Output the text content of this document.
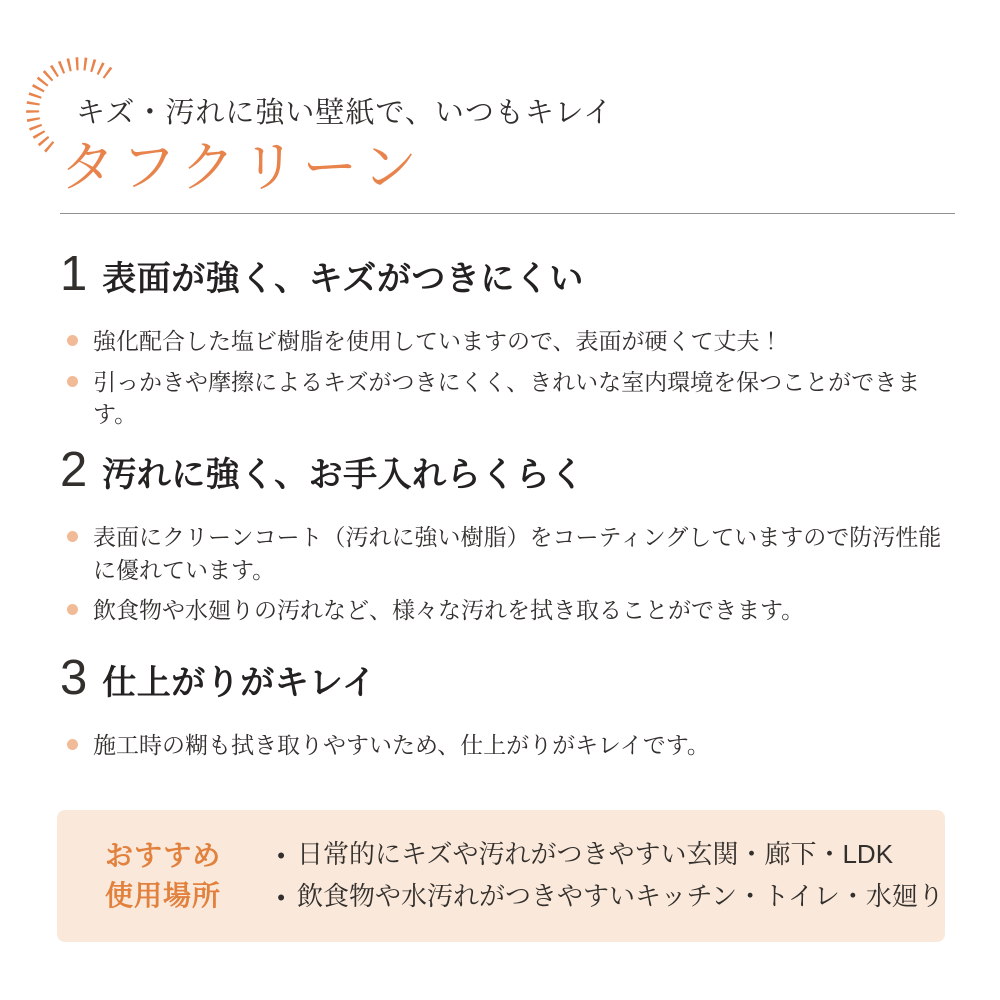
キズ・汚れに強い壁紙で、いつもキレイ
タフクリーン
1 表面が強く、キズがつきにくい
強化配合した塩ビ樹脂を使用していますので、表面が硬くて丈夫！
引っかきや摩擦によるキズがつきにくく、きれいな室内環境を保つことができます。
2 汚れに強く、お手入れらくらく
表面にクリーンコート（汚れに強い樹脂）をコーティングしていますので防汚性能に優れています。
飲食物や水廻りの汚れなど、様々な汚れを拭き取ることができます。
3 仕上がりがキレイ
施工時の糊も拭き取りやすいため、仕上がりがキレイです。
おすすめ
使用場所
• 日常的にキズや汚れがつきやすい玄関・廊下・LDK
• 飲食物や水汚れがつきやすいキッチン・トイレ・水廻り
